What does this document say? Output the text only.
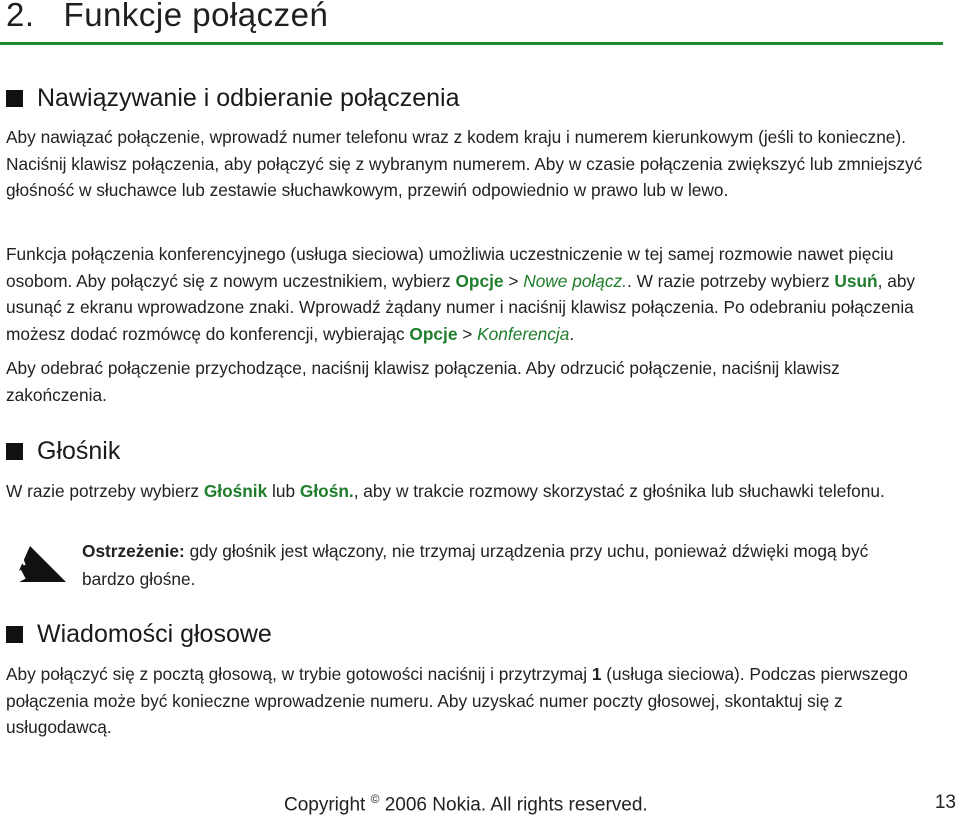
2. Funkcje połączeń
Nawiązywanie i odbieranie połączenia

Aby nawiązać połączenie, wprowadź numer telefonu wraz z kodem kraju i numerem kierunkowym (jeśli to konieczne). Naciśnij klawisz połączenia, aby połączyć się z wybranym numerem. Aby w czasie połączenia zwiększyć lub zmniejszyć głośność w słuchawce lub zestawie słuchawkowym, przewiń odpowiednio w prawo lub w lewo.

Funkcja połączenia konferencyjnego (usługa sieciowa) umożliwia uczestniczenie w tej samej rozmowie nawet pięciu osobom. Aby połączyć się z nowym uczestnikiem, wybierz Opcje > Nowe połącz.. W razie potrzeby wybierz Usuń, aby usunąć z ekranu wprowadzone znaki. Wprowadź żądany numer i naciśnij klawisz połączenia. Po odebraniu połączenia możesz dodać rozmówcę do konferencji, wybierając Opcje > Konferencja.

Aby odebrać połączenie przychodzące, naciśnij klawisz połączenia. Aby odrzucić połączenie, naciśnij klawisz zakończenia.

Głośnik

W razie potrzeby wybierz Głośnik lub Głośn., aby w trakcie rozmowy skorzystać z głośnika lub słuchawki telefonu.

Ostrzeżenie: gdy głośnik jest włączony, nie trzymaj urządzenia przy uchu, ponieważ dźwięki mogą być bardzo głośne.

Wiadomości głosowe

Aby połączyć się z pocztą głosową, w trybie gotowości naciśnij i przytrzymaj 1 (usługa sieciowa). Podczas pierwszego połączenia może być konieczne wprowadzenie numeru. Aby uzyskać numer poczty głosowej, skontaktuj się z usługodawcą.

Copyright © 2006 Nokia. All rights reserved.	13
